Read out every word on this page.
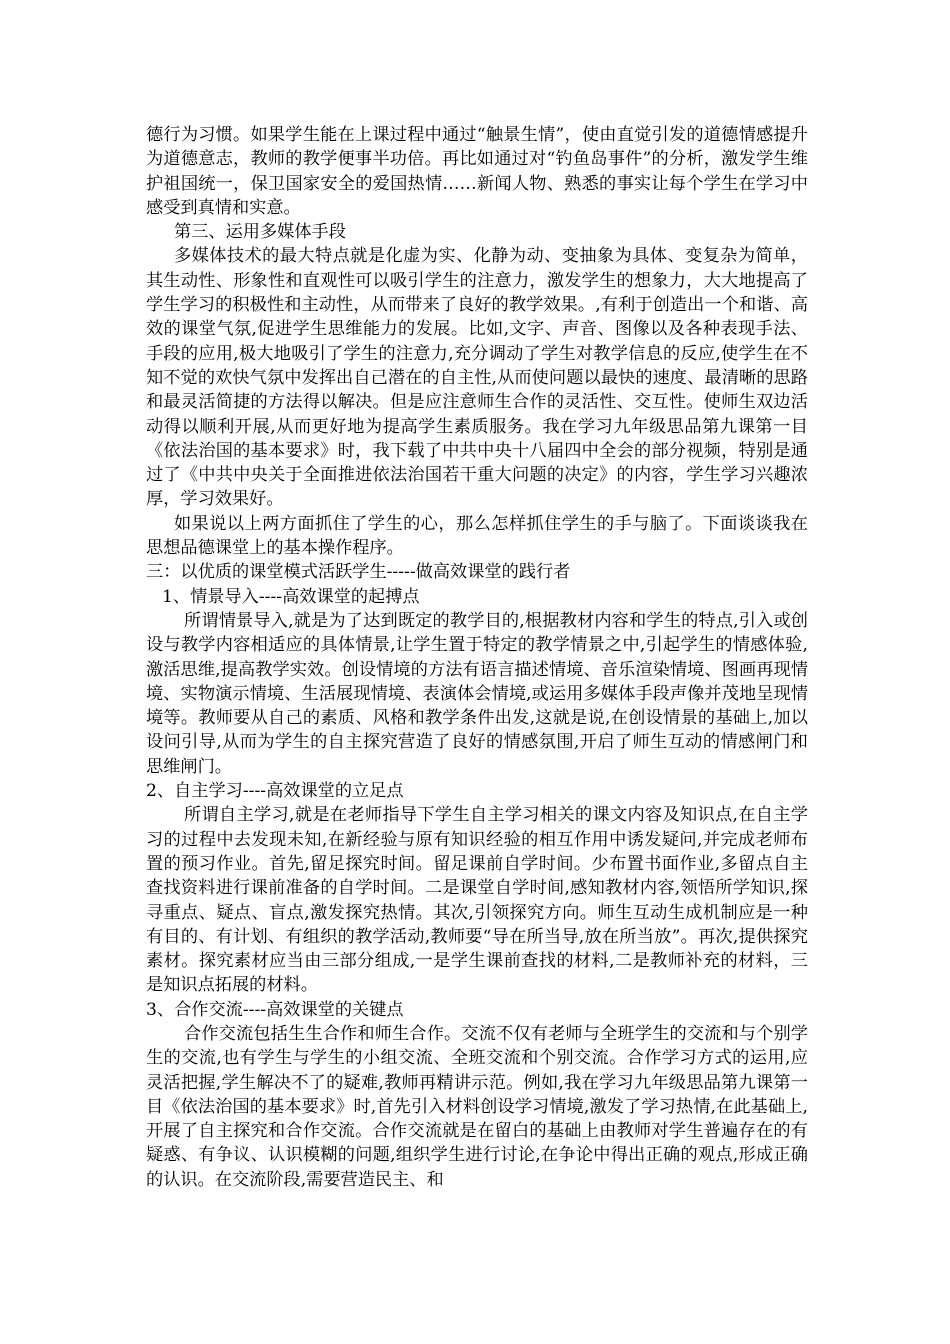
德行为习惯。如果学生能在上课过程中通过“触景生情”，使由直觉引发的道德情感提升为道德意志，教师的教学便事半功倍。再比如通过对“钓鱼岛事件”的分析，激发学生维护祖国统一，保卫国家安全的爱国热情……新闻人物、熟悉的事实让每个学生在学习中感受到真情和实意。

第三、运用多媒体手段

多媒体技术的最大特点就是化虚为实、化静为动、变抽象为具体、变复杂为简单，其生动性、形象性和直观性可以吸引学生的注意力，激发学生的想象力，大大地提高了学生学习的积极性和主动性，从而带来了良好的教学效果。,有利于创造出一个和谐、高效的课堂气氛,促进学生思维能力的发展。比如,文字、声音、图像以及各种表现手法、手段的应用,极大地吸引了学生的注意力,充分调动了学生对教学信息的反应,使学生在不知不觉的欢快气氛中发挥出自己潜在的自主性,从而使问题以最快的速度、最清晰的思路和最灵活简捷的方法得以解决。但是应注意师生合作的灵活性、交互性。使师生双边活动得以顺利开展,从而更好地为提高学生素质服务。我在学习九年级思品第九课第一目《依法治国的基本要求》时，我下载了中共中央十八届四中全会的部分视频，特别是通过了《中共中央关于全面推进依法治国若干重大问题的决定》的内容，学生学习兴趣浓厚，学习效果好。

如果说以上两方面抓住了学生的心，那么怎样抓住学生的手与脑了。下面谈谈我在思想品德课堂上的基本操作程序。

三：以优质的课堂模式活跃学生-----做高效课堂的践行者

1、情景导入----高效课堂的起搏点

所谓情景导入,就是为了达到既定的教学目的,根据教材内容和学生的特点,引入或创设与教学内容相适应的具体情景,让学生置于特定的教学情景之中,引起学生的情感体验,激活思维,提高教学实效。创设情境的方法有语言描述情境、音乐渲染情境、图画再现情境、实物演示情境、生活展现情境、表演体会情境,或运用多媒体手段声像并茂地呈现情境等。教师要从自己的素质、风格和教学条件出发,这就是说,在创设情景的基础上,加以设问引导,从而为学生的自主探究营造了良好的情感氛围,开启了师生互动的情感闸门和思维闸门。

2、自主学习----高效课堂的立足点

所谓自主学习,就是在老师指导下学生自主学习相关的课文内容及知识点,在自主学习的过程中去发现未知,在新经验与原有知识经验的相互作用中诱发疑问,并完成老师布置的预习作业。首先,留足探究时间。留足课前自学时间。少布置书面作业,多留点自主查找资料进行课前准备的自学时间。二是课堂自学时间,感知教材内容,领悟所学知识,探寻重点、疑点、盲点,激发探究热情。其次,引领探究方向。师生互动生成机制应是一种有目的、有计划、有组织的教学活动,教师要“导在所当导,放在所当放”。再次,提供探究素材。探究素材应当由三部分组成,一是学生课前查找的材料,二是教师补充的材料，三是知识点拓展的材料。

3、合作交流----高效课堂的关键点

合作交流包括生生合作和师生合作。交流不仅有老师与全班学生的交流和与个别学生的交流,也有学生与学生的小组交流、全班交流和个别交流。合作学习方式的运用,应灵活把握,学生解决不了的疑难,教师再精讲示范。例如,我在学习九年级思品第九课第一目《依法治国的基本要求》时,首先引入材料创设学习情境,激发了学习热情,在此基础上,开展了自主探究和合作交流。合作交流就是在留白的基础上由教师对学生普遍存在的有疑惑、有争议、认识模糊的问题,组织学生进行讨论,在争论中得出正确的观点,形成正确的认识。在交流阶段,需要营造民主、和
